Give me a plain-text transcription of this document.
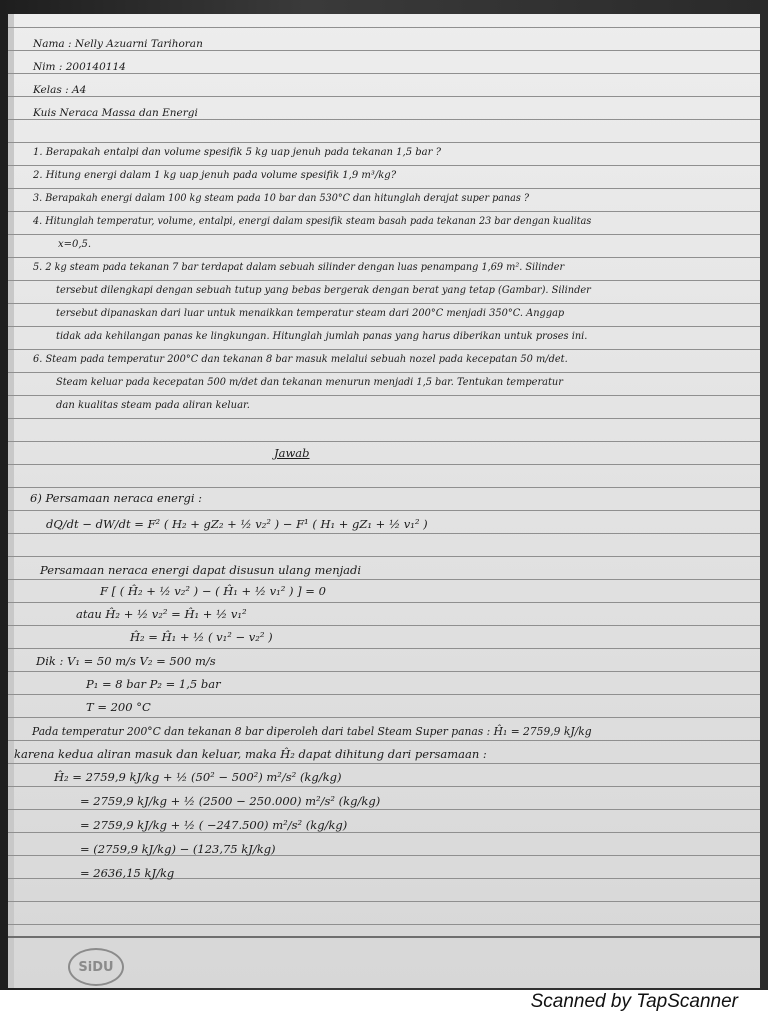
Nama : Nelly Azuarni Tarihoran
Nim : 200140114
Kelas : A4
Kuis Neraca Massa dan Energi
1. Berapakah entalpi dan volume spesifik 5 kg uap jenuh pada tekanan 1,5 bar ?
2. Hitung energi dalam 1 kg uap jenuh pada volume spesifik 1,9 m³/kg?
3. Berapakah energi dalam 100 kg steam pada 10 bar dan 530°C dan hitunglah derajat super panas ?
4. Hitunglah temperatur, volume, entalpi, energi dalam spesifik steam basah pada tekanan 23 bar dengan kualitas
x=0,5.
5. 2 kg steam pada tekanan 7 bar terdapat dalam sebuah silinder dengan luas penampang 1,69 m². Silinder
tersebut dilengkapi dengan sebuah tutup yang bebas bergerak dengan berat yang tetap (Gambar). Silinder
tersebut dipanaskan dari luar untuk menaikkan temperatur steam dari 200°C menjadi 350°C. Anggap
tidak ada kehilangan panas ke lingkungan. Hitunglah jumlah panas yang harus diberikan untuk proses ini.
6. Steam pada temperatur 200°C dan tekanan 8 bar masuk melalui sebuah nozel pada kecepatan 50 m/det.
Steam keluar pada kecepatan 500 m/det dan tekanan menurun menjadi 1,5 bar. Tentukan temperatur
dan kualitas steam pada aliran keluar.
Jawab
6) Persamaan neraca energi :
dQ/dt − dW/dt = F² ( H₂ + gZ₂ + ½ v₂² ) − F¹ ( H₁ + gZ₁ + ½ v₁² )
Persamaan neraca energi dapat disusun ulang menjadi
F [ ( Ĥ₂ + ½ v₂² ) − ( Ĥ₁ + ½ v₁² ) ] = 0
atau Ĥ₂ + ½ v₂² = Ĥ₁ + ½ v₁²
Ĥ₂ = Ĥ₁ + ½ ( v₁² − v₂² )
Dik : V₁ = 50 m/s V₂ = 500 m/s
P₁ = 8 bar P₂ = 1,5 bar
T = 200 °C
Pada temperatur 200°C dan tekanan 8 bar diperoleh dari tabel Steam Super panas : Ĥ₁ = 2759,9 kJ/kg
karena kedua aliran masuk dan keluar, maka Ĥ₂ dapat dihitung dari persamaan :
Ĥ₂ = 2759,9 kJ/kg + ½ (50² − 500²) m²/s² (kg/kg)
= 2759,9 kJ/kg + ½ (2500 − 250.000) m²/s² (kg/kg)
= 2759,9 kJ/kg + ½ ( −247.500) m²/s² (kg/kg)
= (2759,9 kJ/kg) − (123,75 kJ/kg)
= 2636,15 kJ/kg
SiDU
Scanned by TapScanner
